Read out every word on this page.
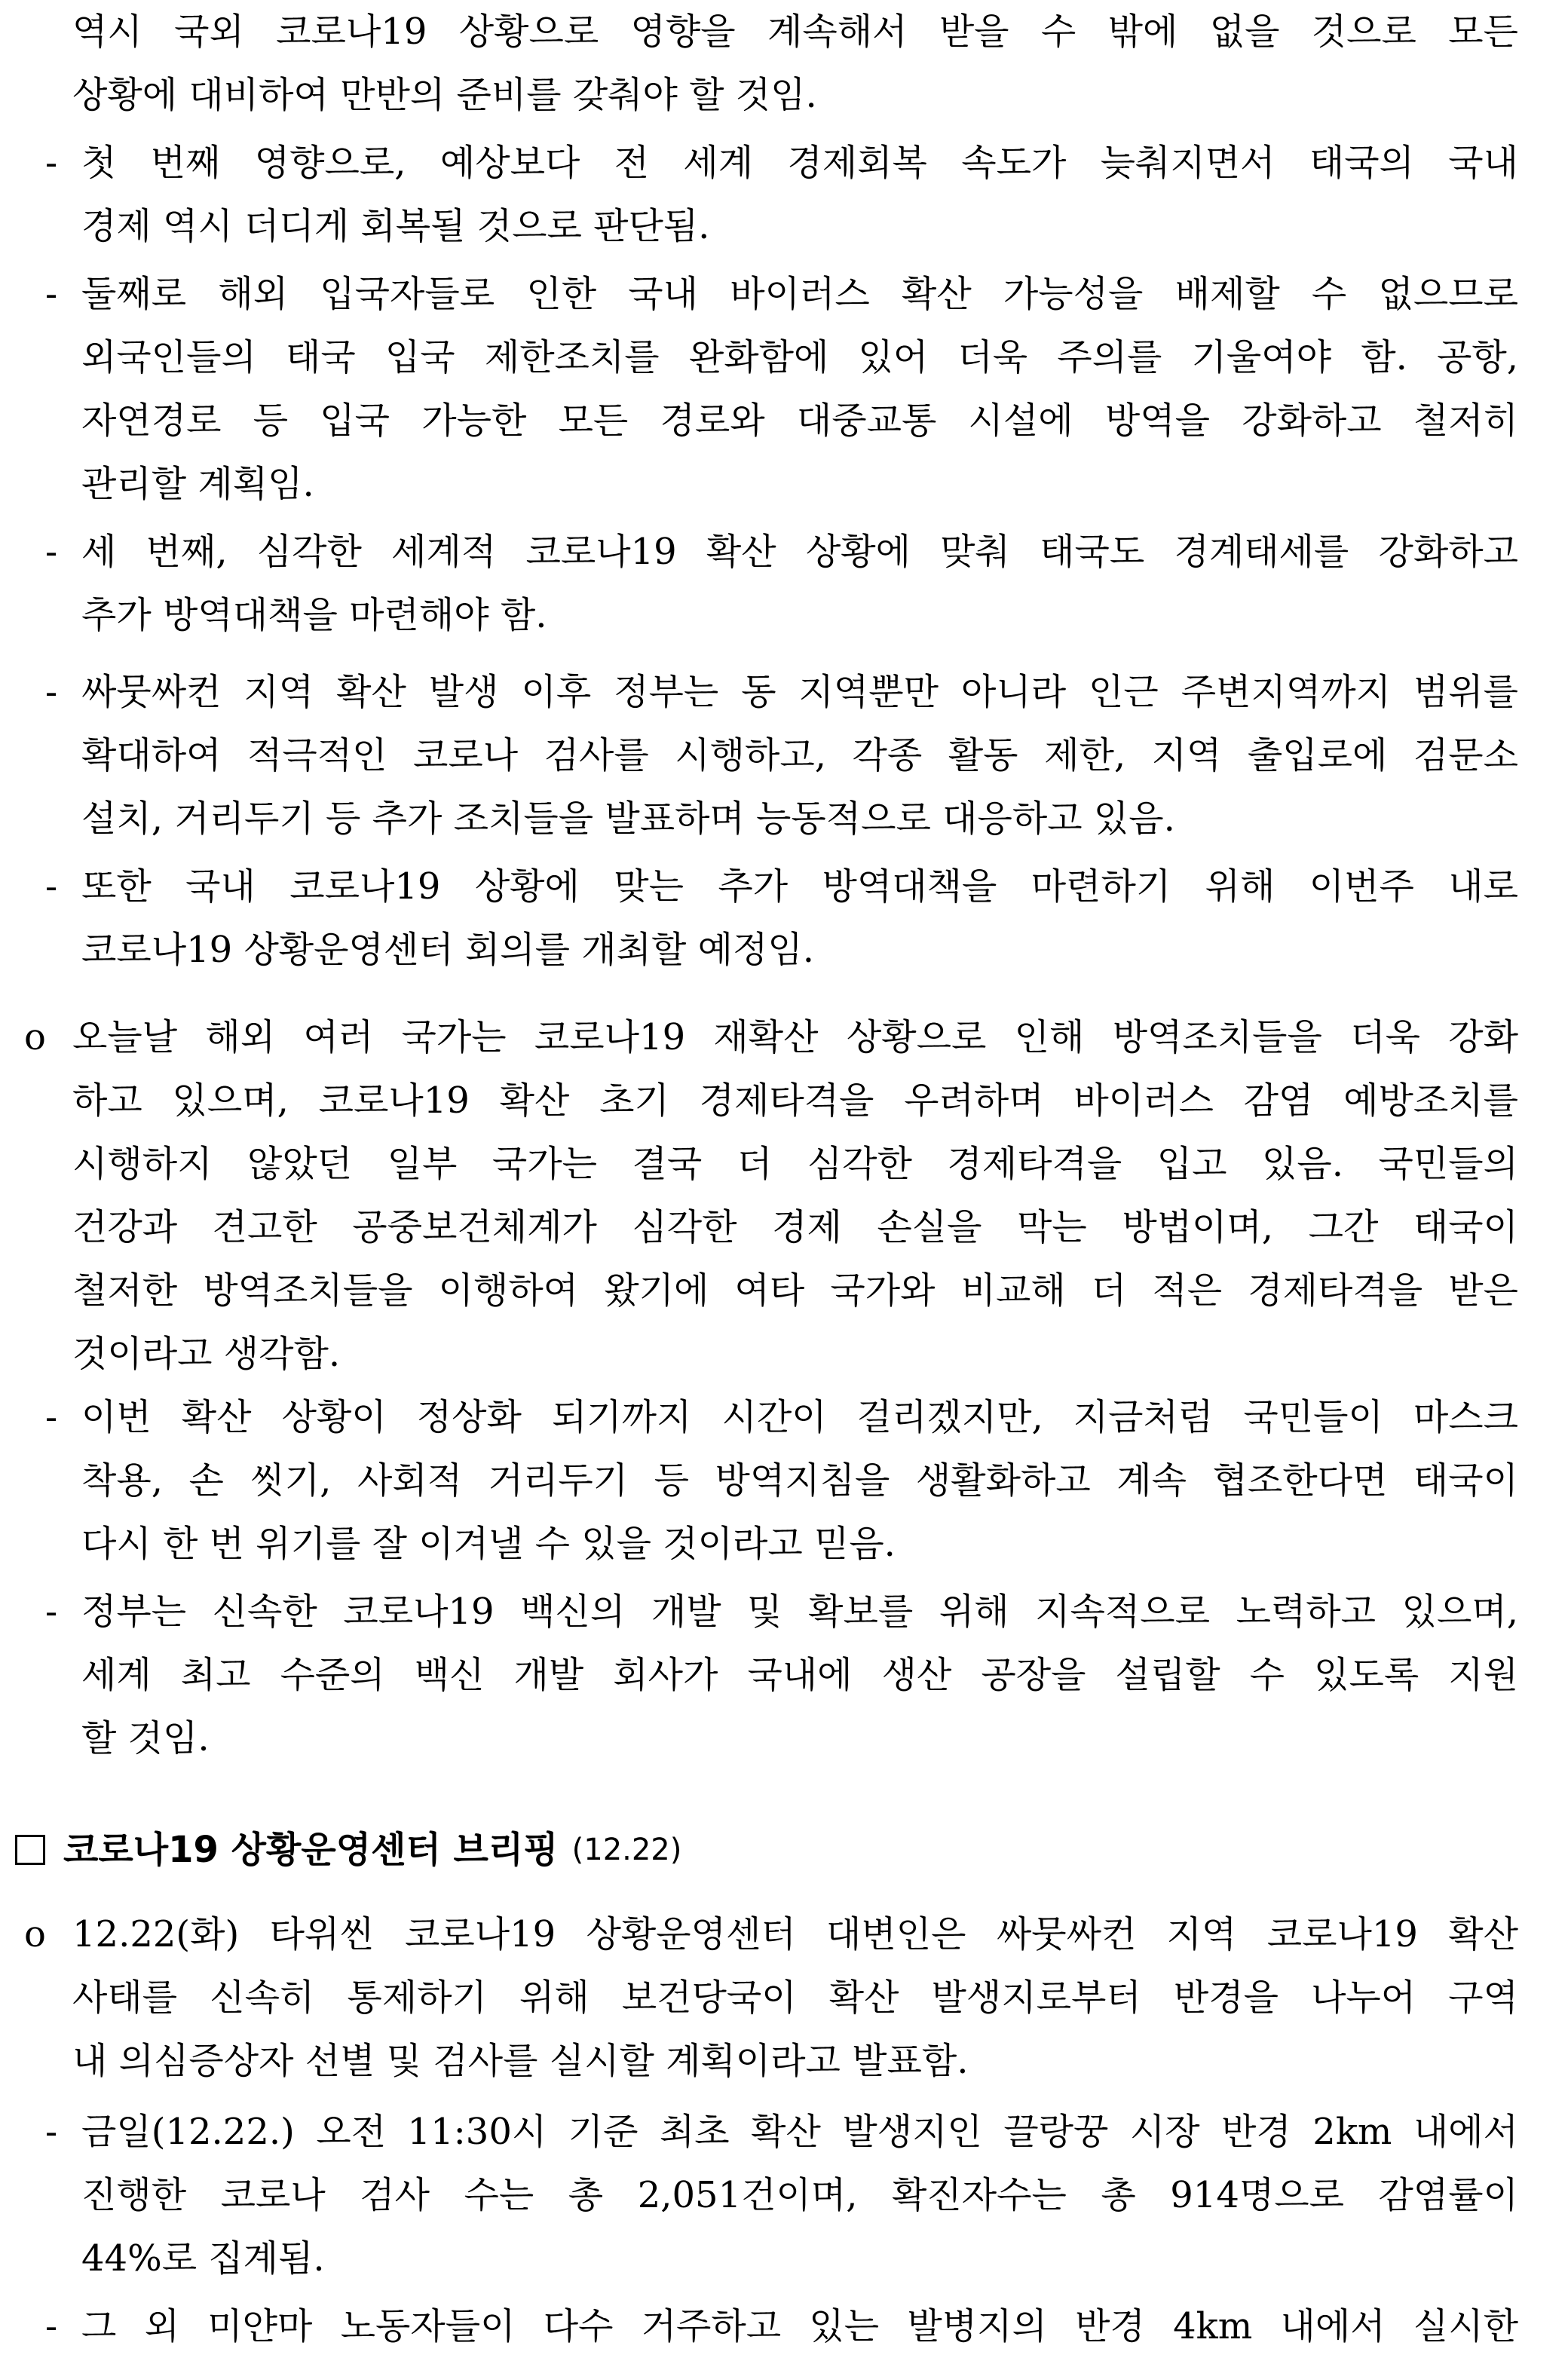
역시 국외 코로나19 상황으로 영향을 계속해서 받을 수 밖에 없을 것으로 모든
상황에 대비하여 만반의 준비를 갖춰야 할 것임.
- 첫 번째 영향으로, 예상보다 전 세계 경제회복 속도가 늦춰지면서 태국의 국내
경제 역시 더디게 회복될 것으로 판단됨.
- 둘째로 해외 입국자들로 인한 국내 바이러스 확산 가능성을 배제할 수 없으므로
외국인들의 태국 입국 제한조치를 완화함에 있어 더욱 주의를 기울여야 함. 공항,
자연경로 등 입국 가능한 모든 경로와 대중교통 시설에 방역을 강화하고 철저히
관리할 계획임.
- 세 번째, 심각한 세계적 코로나19 확산 상황에 맞춰 태국도 경계태세를 강화하고
추가 방역대책을 마련해야 함.
- 싸뭇싸컨 지역 확산 발생 이후 정부는 동 지역뿐만 아니라 인근 주변지역까지 범위를
확대하여 적극적인 코로나 검사를 시행하고, 각종 활동 제한, 지역 출입로에 검문소
설치, 거리두기 등 추가 조치들을 발표하며 능동적으로 대응하고 있음.
- 또한 국내 코로나19 상황에 맞는 추가 방역대책을 마련하기 위해 이번주 내로
코로나19 상황운영센터 회의를 개최할 예정임.
o 오늘날 해외 여러 국가는 코로나19 재확산 상황으로 인해 방역조치들을 더욱 강화
하고 있으며, 코로나19 확산 초기 경제타격을 우려하며 바이러스 감염 예방조치를
시행하지 않았던 일부 국가는 결국 더 심각한 경제타격을 입고 있음. 국민들의
건강과 견고한 공중보건체계가 심각한 경제 손실을 막는 방법이며, 그간 태국이
철저한 방역조치들을 이행하여 왔기에 여타 국가와 비교해 더 적은 경제타격을 받은
것이라고 생각함.
- 이번 확산 상황이 정상화 되기까지 시간이 걸리겠지만, 지금처럼 국민들이 마스크
착용, 손 씻기, 사회적 거리두기 등 방역지침을 생활화하고 계속 협조한다면 태국이
다시 한 번 위기를 잘 이겨낼 수 있을 것이라고 믿음.
- 정부는 신속한 코로나19 백신의 개발 및 확보를 위해 지속적으로 노력하고 있으며,
세계 최고 수준의 백신 개발 회사가 국내에 생산 공장을 설립할 수 있도록 지원
할 것임.
코로나19 상황운영센터 브리핑 (12.22)
o 12.22(화) 타위씬 코로나19 상황운영센터 대변인은 싸뭇싸컨 지역 코로나19 확산
사태를 신속히 통제하기 위해 보건당국이 확산 발생지로부터 반경을 나누어 구역
내 의심증상자 선별 및 검사를 실시할 계획이라고 발표함.
- 금일(12.22.) 오전 11:30시 기준 최초 확산 발생지인 끌랑꿍 시장 반경 2km 내에서
진행한 코로나 검사 수는 총 2,051건이며, 확진자수는 총 914명으로 감염률이
44%로 집계됨.
- 그 외 미얀마 노동자들이 다수 거주하고 있는 발병지의 반경 4km 내에서 실시한
